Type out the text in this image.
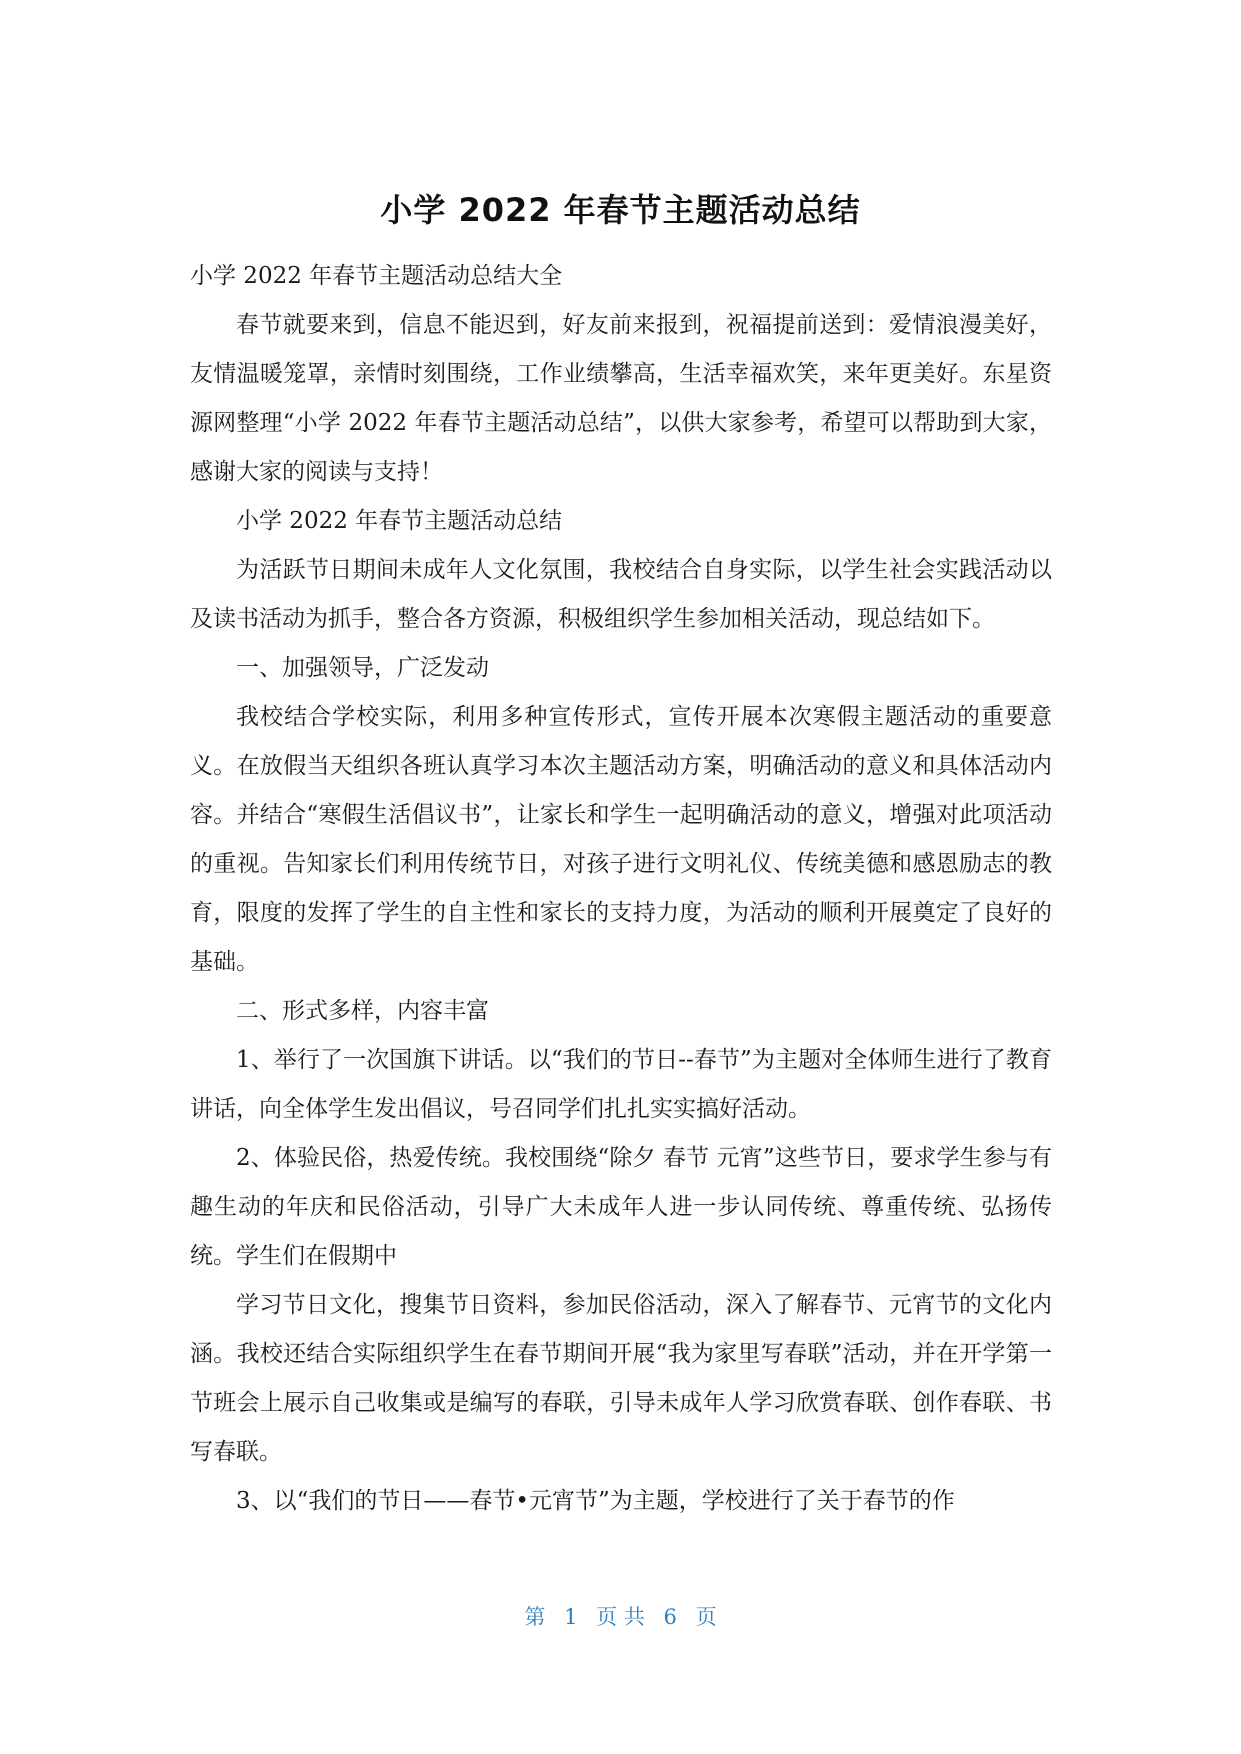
小学 2022 年春节主题活动总结

小学 2022 年春节主题活动总结大全

春节就要来到，信息不能迟到，好友前来报到，祝福提前送到：爱情浪漫美好，友情温暖笼罩，亲情时刻围绕，工作业绩攀高，生活幸福欢笑，来年更美好。东星资源网整理“小学 2022 年春节主题活动总结”，以供大家参考，希望可以帮助到大家，感谢大家的阅读与支持！

小学 2022 年春节主题活动总结

为活跃节日期间未成年人文化氛围，我校结合自身实际，以学生社会实践活动以及读书活动为抓手，整合各方资源，积极组织学生参加相关活动，现总结如下。

一、加强领导，广泛发动

我校结合学校实际，利用多种宣传形式，宣传开展本次寒假主题活动的重要意义。在放假当天组织各班认真学习本次主题活动方案，明确活动的意义和具体活动内容。并结合“寒假生活倡议书”，让家长和学生一起明确活动的意义，增强对此项活动的重视。告知家长们利用传统节日，对孩子进行文明礼仪、传统美德和感恩励志的教育，限度的发挥了学生的自主性和家长的支持力度，为活动的顺利开展奠定了良好的基础。

二、形式多样，内容丰富

1、举行了一次国旗下讲话。以“我们的节日--春节”为主题对全体师生进行了教育讲话，向全体学生发出倡议，号召同学们扎扎实实搞好活动。

2、体验民俗，热爱传统。我校围绕“除夕 春节 元宵”这些节日，要求学生参与有趣生动的年庆和民俗活动，引导广大未成年人进一步认同传统、尊重传统、弘扬传统。学生们在假期中

学习节日文化，搜集节日资料，参加民俗活动，深入了解春节、元宵节的文化内涵。我校还结合实际组织学生在春节期间开展“我为家里写春联”活动，并在开学第一节班会上展示自己收集或是编写的春联，引导未成年人学习欣赏春联、创作春联、书写春联。

3、以“我们的节日——春节•元宵节”为主题，学校进行了关于春节的作

第 1 页 共 6 页
